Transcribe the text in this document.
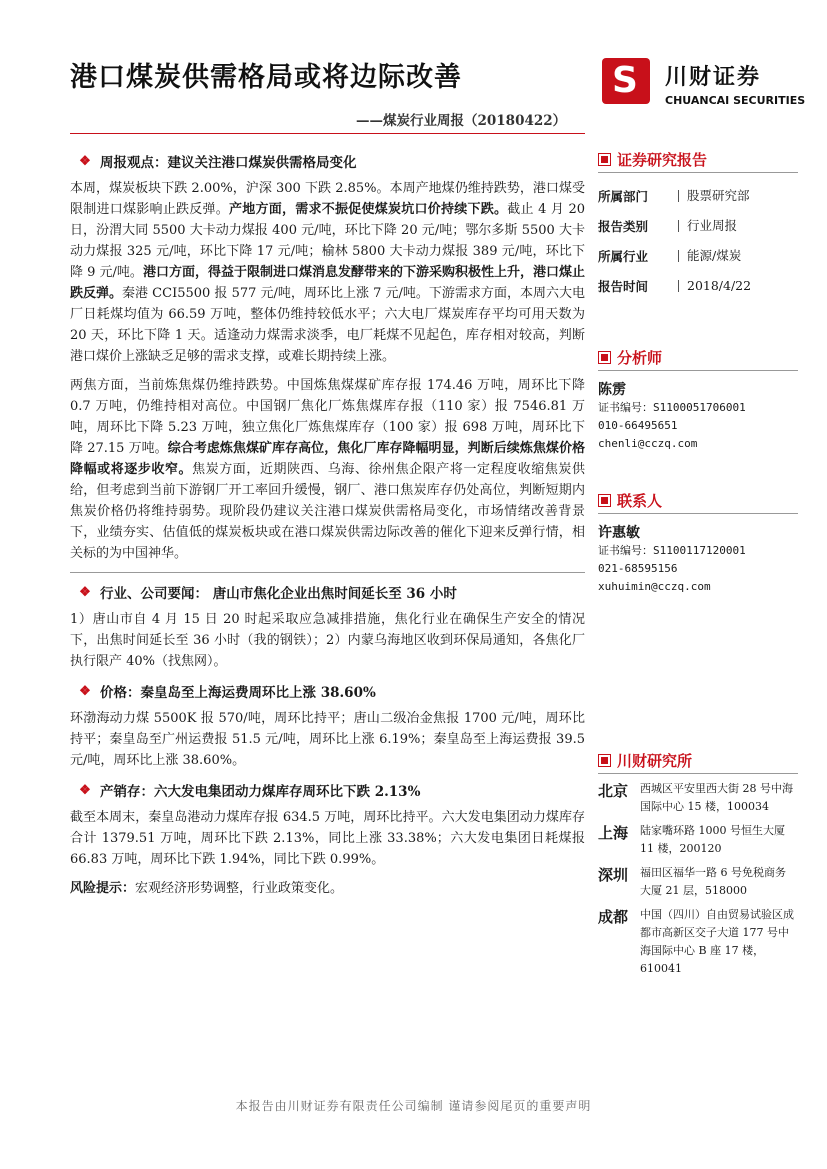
港口煤炭供需格局或将边际改善
——煤炭行业周报（20180422）
S 川财证券
CHUANCAI SECURITIES
❖ 周报观点：建议关注港口煤炭供需格局变化

本周，煤炭板块下跌 2.00%，沪深 300 下跌 2.85%。本周产地煤仍维持跌势，港口煤受限制进口煤影响止跌反弹。产地方面，需求不振促使煤炭坑口价持续下跌。截止 4 月 20 日，汾渭大同 5500 大卡动力煤报 400 元/吨，环比下降 20 元/吨；鄂尔多斯 5500 大卡动力煤报 325 元/吨，环比下降 17 元/吨；榆林 5800 大卡动力煤报 389 元/吨，环比下降 9 元/吨。港口方面，得益于限制进口煤消息发酵带来的下游采购积极性上升，港口煤止跌反弹。秦港 CCI5500 报 577 元/吨，周环比上涨 7 元/吨。下游需求方面，本周六大电厂日耗煤均值为 66.59 万吨，整体仍维持较低水平；六大电厂煤炭库存平均可用天数为 20 天，环比下降 1 天。适逢动力煤需求淡季，电厂耗煤不见起色，库存相对较高，判断港口煤价上涨缺乏足够的需求支撑，或难长期持续上涨。

两焦方面，当前炼焦煤仍维持跌势。中国炼焦煤煤矿库存报 174.46 万吨，周环比下降 0.7 万吨，仍维持相对高位。中国钢厂焦化厂炼焦煤库存报（110 家）报 7546.81 万吨，周环比下降 5.23 万吨，独立焦化厂炼焦煤库存（100 家）报 698 万吨，周环比下降 27.15 万吨。综合考虑炼焦煤矿库存高位，焦化厂库存降幅明显，判断后续炼焦煤价格降幅或将逐步收窄。焦炭方面，近期陕西、乌海、徐州焦企限产将一定程度收缩焦炭供给，但考虑到当前下游钢厂开工率回升缓慢，钢厂、港口焦炭库存仍处高位，判断短期内焦炭价格仍将维持弱势。现阶段仍建议关注港口煤炭供需格局变化，市场情绪改善背景下，业绩夯实、估值低的煤炭板块或在港口煤炭供需边际改善的催化下迎来反弹行情，相关标的为中国神华。

❖ 行业、公司要闻： 唐山市焦化企业出焦时间延长至 36 小时

1）唐山市自 4 月 15 日 20 时起采取应急减排措施，焦化行业在确保生产安全的情况下，出焦时间延长至 36 小时（我的钢铁）；2）内蒙乌海地区收到环保局通知，各焦化厂执行限产 40%（找焦网）。

❖ 价格：秦皇岛至上海运费周环比上涨 38.60%

环渤海动力煤 5500K 报 570/吨，周环比持平；唐山二级冶金焦报 1700 元/吨，周环比持平；秦皇岛至广州运费报 51.5 元/吨，周环比上涨 6.19%；秦皇岛至上海运费报 39.5 元/吨，周环比上涨 38.60%。

❖ 产销存：六大发电集团动力煤库存周环比下跌 2.13%

截至本周末，秦皇岛港动力煤库存报 634.5 万吨，周环比持平。六大发电集团动力煤库存合计 1379.51 万吨，周环比下跌 2.13%，同比上涨 33.38%；六大发电集团日耗煤报 66.83 万吨，周环比下跌 1.94%，同比下跌 0.99%。

风险提示：宏观经济形势调整，行业政策变化。
证券研究报告
所属部门	股票研究部
报告类别	行业周报
所属行业	能源/煤炭
报告时间	2018/4/22
分析师
陈雳
证书编号：S1100051706001
010-66495651
chenli@cczq.com
联系人
许惠敏
证书编号：S1100117120001
021-68595156
xuhuimin@cczq.com
川财研究所
北京	西城区平安里西大街 28 号中海国际中心 15 楼，100034
上海	陆家嘴环路 1000 号恒生大厦 11 楼，200120
深圳	福田区福华一路 6 号免税商务大厦 21 层，518000
成都	中国（四川）自由贸易试验区成都市高新区交子大道 177 号中海国际中心 B 座 17 楼，610041
本报告由川财证券有限责任公司编制 谨请参阅尾页的重要声明
